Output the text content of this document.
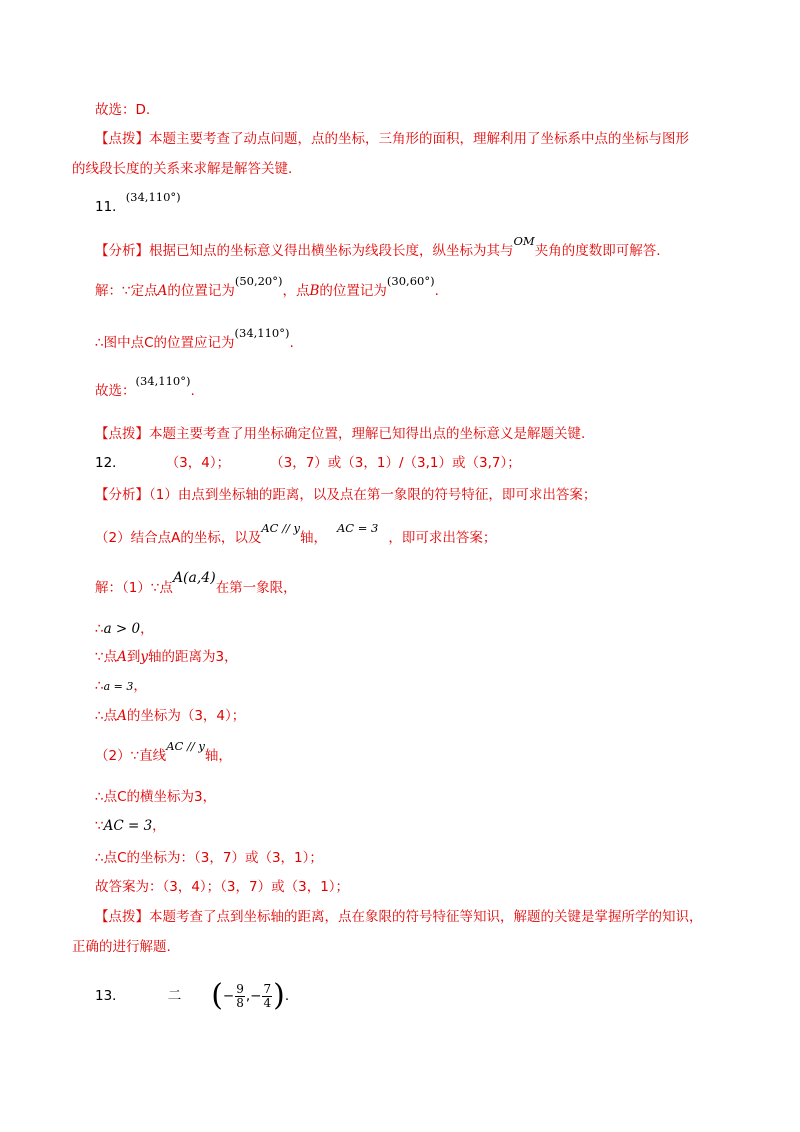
故选：D.
【点拨】本题主要考查了动点问题，点的坐标，三角形的面积，理解利用了坐标系中点的坐标与图形
的线段长度的关系来求解是解答关键.
11．(34,110°)
【分析】根据已知点的坐标意义得出横坐标为线段长度，纵坐标为其与OM夹角的度数即可解答.
解：∵定点A的位置记为(50,20°)，点B的位置记为(30,60°).
∴图中点C的位置应记为(34,110°).
故选：(34,110°).
【点拨】本题主要考查了用坐标确定位置，理解已知得出点的坐标意义是解题关键.
12．	（3，4）；	（3，7）或（3，1）/（3,1）或（3,7）；
【分析】（1）由点到坐标轴的距离，以及点在第一象限的符号特征，即可求出答案；
（2）结合点A的坐标，以及AC // y轴，AC = 3，即可求出答案；
解：（1）∵点A(a,4)在第一象限，
∴a > 0，
∵点A到y轴的距离为3，
∴a = 3，
∴点A的坐标为（3，4）；
（2）∵直线AC // y轴，
∴点C的横坐标为3，
∵AC = 3，
∴点C的坐标为：（3，7）或（3，1）；
故答案为：（3，4）；（3，7）或（3，1）；
【点拨】本题考查了点到坐标轴的距离，点在象限的符号特征等知识，解题的关键是掌握所学的知识，
正确的进行解题.
13．	二 (− $\frac{9}{8}$ ,− $\frac{7}{4}$ ).
